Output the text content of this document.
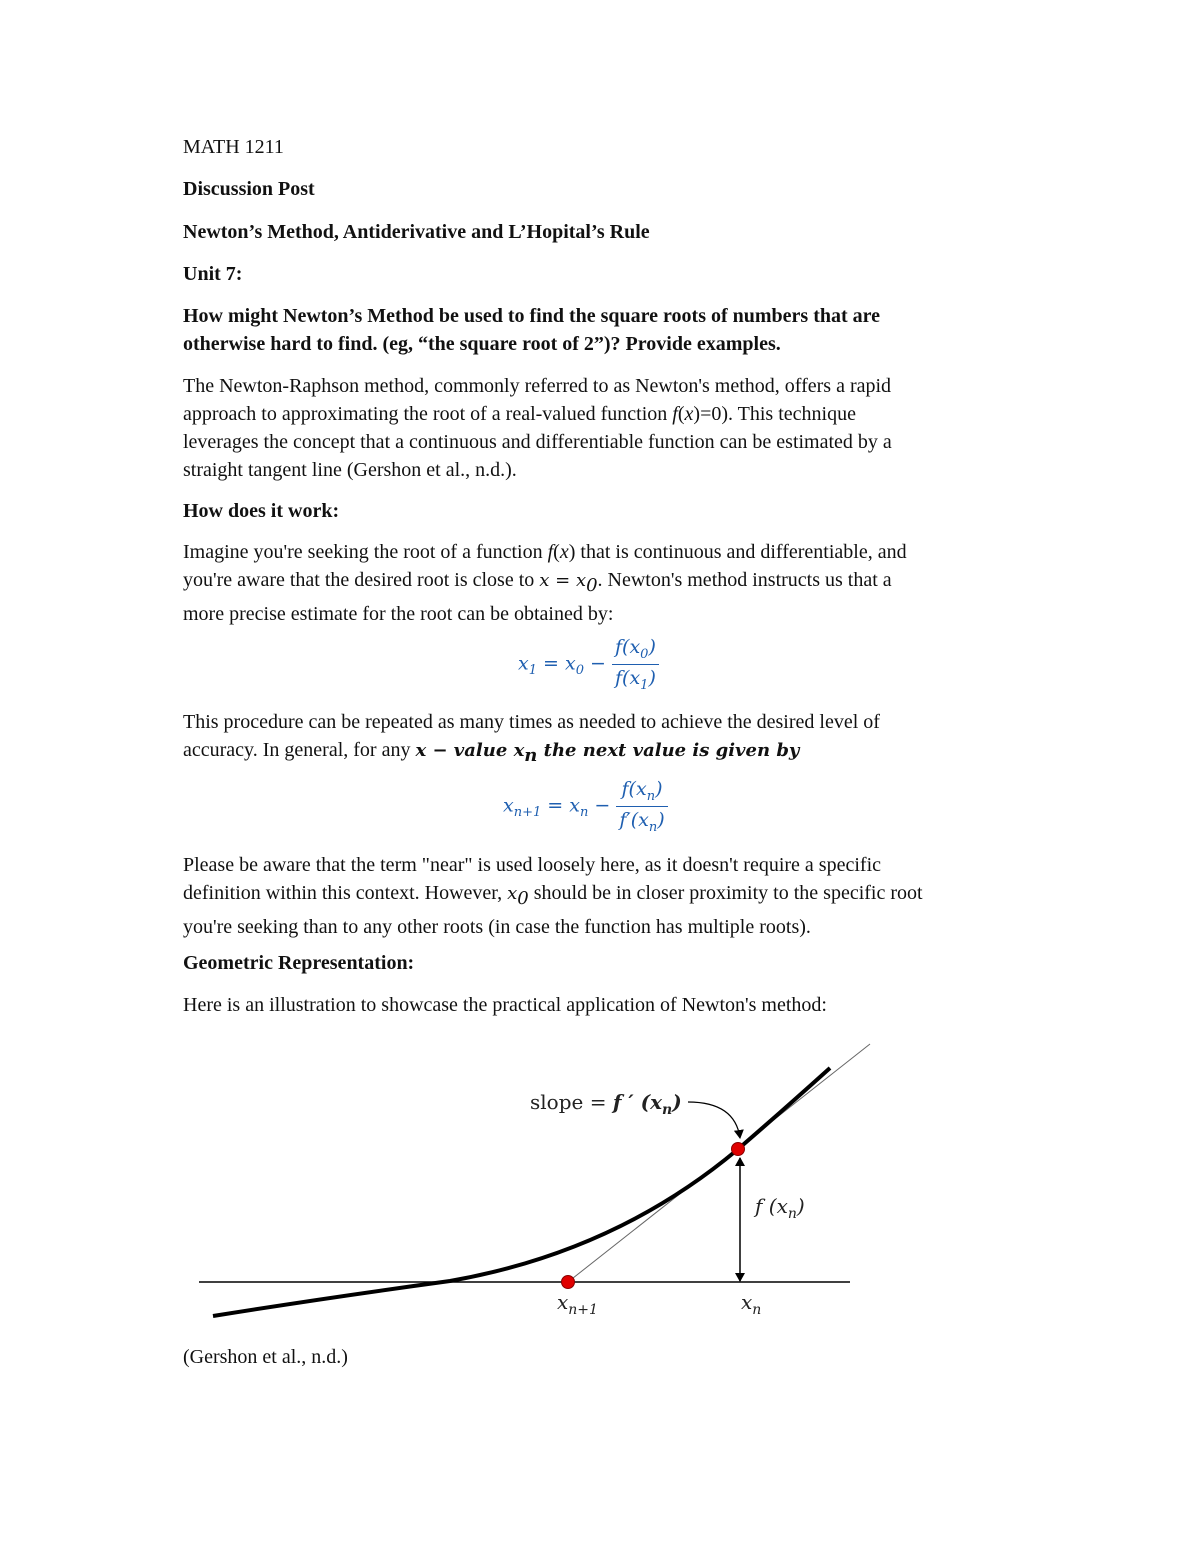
MATH 1211
Discussion Post
Newton’s Method, Antiderivative and L’Hopital’s Rule
Unit 7:
How might Newton’s Method be used to find the square roots of numbers that are
otherwise hard to find. (eg, “the square root of 2”)? Provide examples.
The Newton-Raphson method, commonly referred to as Newton's method, offers a rapid
approach to approximating the root of a real-valued function f(x)=0). This technique
leverages the concept that a continuous and differentiable function can be estimated by a
straight tangent line (Gershon et al., n.d.).
How does it work:
Imagine you're seeking the root of a function f(x) that is continuous and differentiable, and
you're aware that the desired root is close to $x = x_0$. Newton's method instructs us that a
more precise estimate for the root can be obtained by:
$x_1 = x_0 - \frac{f(x_0)}{f(x_1)}$
This procedure can be repeated as many times as needed to achieve the desired level of
accuracy. In general, for any x − value $x_n$ the next value is given by
$x_{n+1} = x_n - \frac{f(x_n)}{f'(x_n)}$
Please be aware that the term "near" is used loosely here, as it doesn't require a specific
definition within this context. However, $x_0$ should be in closer proximity to the specific root
you're seeking than to any other roots (in case the function has multiple roots).
Geometric Representation:
Here is an illustration to showcase the practical application of Newton's method:
(Gershon et al., n.d.)
slope = f ′ $(x_n)$
f $(x_n)$
$x_{n+1}$	$x_n$
